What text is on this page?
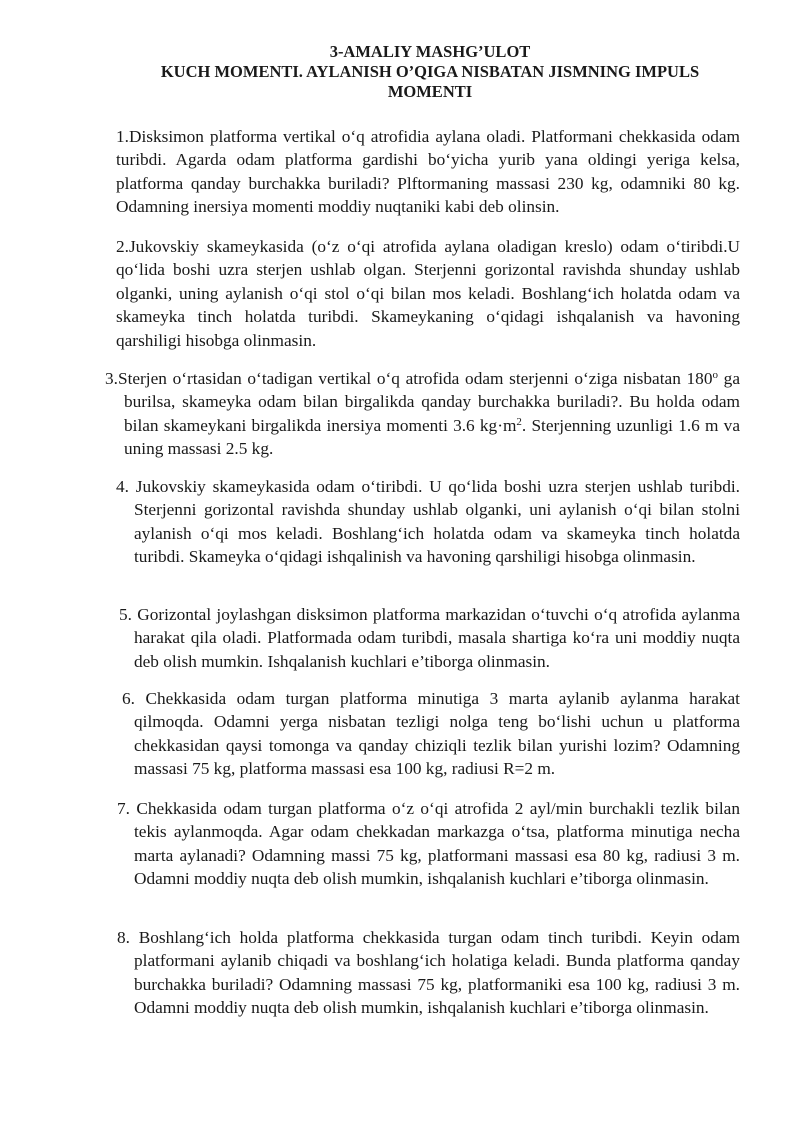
3-AMALIY MASHG’ULOT
KUCH MOMENTI. AYLANISH O’QIGA NISBATAN JISMNING IMPULS
MOMENTI

1.Disksimon platforma vertikal o‘q atrofidia aylana oladi. Platformani chekkasida odam turibdi. Agarda odam platforma gardishi bo‘yicha yurib yana oldingi yeriga kelsa, platforma qanday burchakka buriladi? Plftormaning massasi 230 kg, odamniki 80 kg. Odamning inersiya momenti moddiy nuqtaniki kabi deb olinsin.

2.Jukovskiy skameykasida (o‘z o‘qi atrofida aylana oladigan kreslo) odam o‘tiribdi.U qo‘lida boshi uzra sterjen ushlab olgan. Sterjenni gorizontal ravishda shunday ushlab olganki, uning aylanish o‘qi stol o‘qi bilan mos keladi. Boshlang‘ich holatda odam va skameyka tinch holatda turibdi. Skameykaning o‘qidagi ishqalanish va havoning qarshiligi hisobga olinmasin.

3.Sterjen o‘rtasidan o‘tadigan vertikal o‘q atrofida odam sterjenni o‘ziga nisbatan 180$^o$ ga burilsa, skameyka odam bilan birgalikda qanday burchakka buriladi?. Bu holda odam bilan skameykani birgalikda inersiya momenti 3.6 $kg\cdot m^2$. Sterjenning uzunligi 1.6 m va uning massasi 2.5 kg.

4. Jukovskiy skameykasida odam o‘tiribdi. U qo‘lida boshi uzra sterjen ushlab turibdi. Sterjenni gorizontal ravishda shunday ushlab olganki, uni aylanish o‘qi bilan stolni aylanish o‘qi mos keladi. Boshlang‘ich holatda odam va skameyka tinch holatda turibdi. Skameyka o‘qidagi ishqalinish va havoning qarshiligi hisobga olinmasin.

5. Gorizontal joylashgan disksimon platforma markazidan o‘tuvchi o‘q atrofida aylanma harakat qila oladi. Platformada odam turibdi, masala shartiga ko‘ra uni moddiy nuqta deb olish mumkin. Ishqalanish kuchlari e’tiborga olinmasin.

6. Chekkasida odam turgan platforma minutiga 3 marta aylanib aylanma harakat qilmoqda. Odamni yerga nisbatan tezligi nolga teng bo‘lishi uchun u platforma chekkasidan qaysi tomonga va qanday chiziqli tezlik bilan yurishi lozim? Odamning massasi 75 kg, platforma massasi esa 100 kg, radiusi R=2 m.

7. Chekkasida odam turgan platforma o‘z o‘qi atrofida 2 ayl/min burchakli tezlik bilan tekis aylanmoqda. Agar odam chekkadan markazga o‘tsa, platforma minutiga necha marta aylanadi? Odamning massi 75 kg, platformani massasi esa 80 kg, radiusi 3 m. Odamni moddiy nuqta deb olish mumkin, ishqalanish kuchlari e’tiborga olinmasin.

8. Boshlang‘ich holda platforma chekkasida turgan odam tinch turibdi. Keyin odam platformani aylanib chiqadi va boshlang‘ich holatiga keladi. Bunda platforma qanday burchakka buriladi? Odamning massasi 75 kg, platformaniki esa 100 kg, radiusi 3 m. Odamni moddiy nuqta deb olish mumkin, ishqalanish kuchlari e’tiborga olinmasin.
